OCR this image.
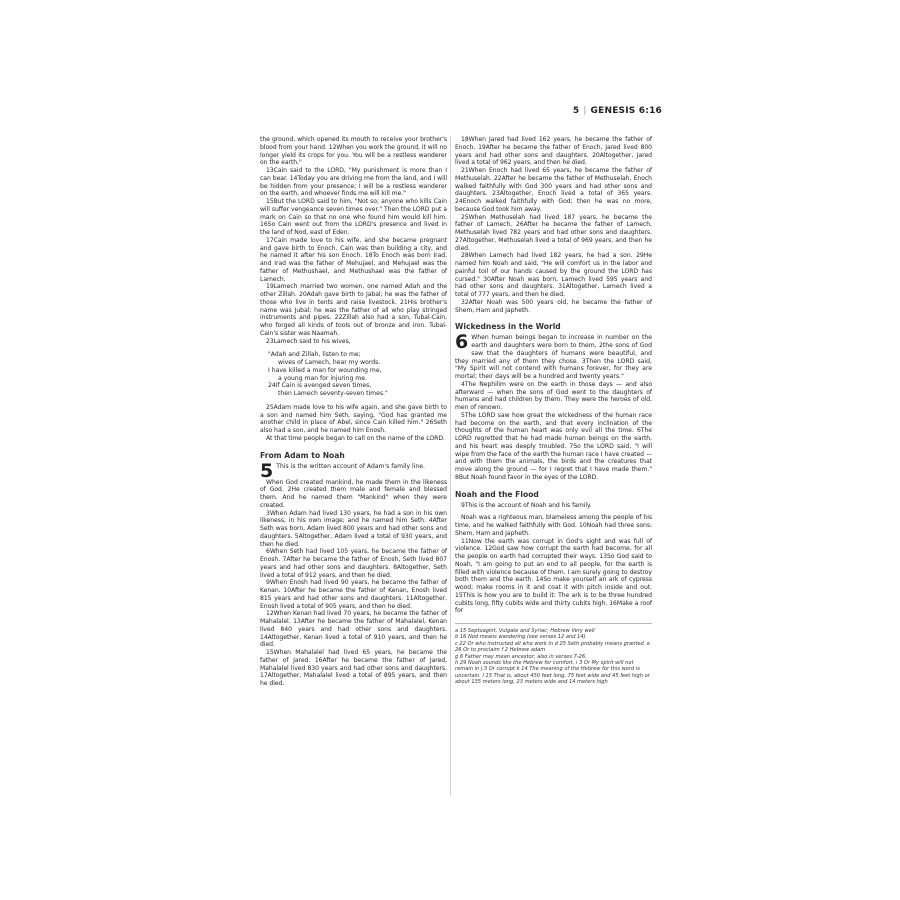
5 | GENESIS 6:16

the ground, which opened its mouth to receive your brother's blood from your hand. 12When you work the ground, it will no longer yield its crops for you. You will be a restless wanderer on the earth."

13Cain said to the LORD, "My punishment is more than I can bear. 14Today you are driving me from the land, and I will be hidden from your presence; I will be a restless wanderer on the earth, and whoever finds me will kill me."

15But the LORD said to him, "Not so; anyone who kills Cain will suffer vengeance seven times over." Then the LORD put a mark on Cain so that no one who found him would kill him. 16So Cain went out from the LORD's presence and lived in the land of Nod, east of Eden.

17Cain made love to his wife, and she became pregnant and gave birth to Enoch. Cain was then building a city, and he named it after his son Enoch. 18To Enoch was born Irad, and Irad was the father of Mehujael, and Mehujael was the father of Methushael, and Methushael was the father of Lamech.

19Lamech married two women, one named Adah and the other Zillah. 20Adah gave birth to Jabal; he was the father of those who live in tents and raise livestock. 21His brother's name was Jubal; he was the father of all who play stringed instruments and pipes. 22Zillah also had a son, Tubal-Cain, who forged all kinds of tools out of bronze and iron. Tubal-Cain's sister was Naamah.

23Lamech said to his wives,

"Adah and Zillah, listen to me;
wives of Lamech, hear my words.
I have killed a man for wounding me,
a young man for injuring me.
24If Cain is avenged seven times,
then Lamech seventy-seven times."

25Adam made love to his wife again, and she gave birth to a son and named him Seth, saying, "God has granted me another child in place of Abel, since Cain killed him." 26Seth also had a son, and he named him Enosh.

At that time people began to call on the name of the LORD.

From Adam to Noah

5 This is the written account of Adam's family line.

When God created mankind, he made them in the likeness of God. 2He created them male and female and blessed them. And he named them "Mankind" when they were created.

3When Adam had lived 130 years, he had a son in his own likeness, in his own image; and he named him Seth. 4After Seth was born, Adam lived 800 years and had other sons and daughters. 5Altogether, Adam lived a total of 930 years, and then he died.

6When Seth had lived 105 years, he became the father of Enosh. 7After he became the father of Enosh, Seth lived 807 years and had other sons and daughters. 8Altogether, Seth lived a total of 912 years, and then he died.

9When Enosh had lived 90 years, he became the father of Kenan. 10After he became the father of Kenan, Enosh lived 815 years and had other sons and daughters. 11Altogether, Enosh lived a total of 905 years, and then he died.

12When Kenan had lived 70 years, he became the father of Mahalalel. 13After he became the father of Mahalalel, Kenan lived 840 years and had other sons and daughters. 14Altogether, Kenan lived a total of 910 years, and then he died.

15When Mahalalel had lived 65 years, he became the father of Jared. 16After he became the father of Jared, Mahalalel lived 830 years and had other sons and daughters. 17Altogether, Mahalalel lived a total of 895 years, and then he died.

18When Jared had lived 162 years, he became the father of Enoch. 19After he became the father of Enoch, Jared lived 800 years and had other sons and daughters. 20Altogether, Jared lived a total of 962 years, and then he died.

21When Enoch had lived 65 years, he became the father of Methuselah. 22After he became the father of Methuselah, Enoch walked faithfully with God 300 years and had other sons and daughters. 23Altogether, Enoch lived a total of 365 years. 24Enoch walked faithfully with God; then he was no more, because God took him away.

25When Methuselah had lived 187 years, he became the father of Lamech. 26After he became the father of Lamech, Methuselah lived 782 years and had other sons and daughters. 27Altogether, Methuselah lived a total of 969 years, and then he died.

28When Lamech had lived 182 years, he had a son. 29He named him Noah and said, "He will comfort us in the labor and painful toil of our hands caused by the ground the LORD has cursed." 30After Noah was born, Lamech lived 595 years and had other sons and daughters. 31Altogether, Lamech lived a total of 777 years, and then he died.

32After Noah was 500 years old, he became the father of Shem, Ham and Japheth.

Wickedness in the World

6 When human beings began to increase in number on the earth and daughters were born to them, 2the sons of God saw that the daughters of humans were beautiful, and they married any of them they chose. 3Then the LORD said, "My Spirit will not contend with humans forever, for they are mortal; their days will be a hundred and twenty years."

4The Nephilim were on the earth in those days — and also afterward — when the sons of God went to the daughters of humans and had children by them. They were the heroes of old, men of renown.

5The LORD saw how great the wickedness of the human race had become on the earth, and that every inclination of the thoughts of the human heart was only evil all the time. 6The LORD regretted that he had made human beings on the earth, and his heart was deeply troubled. 7So the LORD said, "I will wipe from the face of the earth the human race I have created — and with them the animals, the birds and the creatures that move along the ground — for I regret that I have made them." 8But Noah found favor in the eyes of the LORD.

Noah and the Flood

9This is the account of Noah and his family.

Noah was a righteous man, blameless among the people of his time, and he walked faithfully with God. 10Noah had three sons: Shem, Ham and Japheth.

11Now the earth was corrupt in God's sight and was full of violence. 12God saw how corrupt the earth had become, for all the people on earth had corrupted their ways. 13So God said to Noah, "I am going to put an end to all people, for the earth is filled with violence because of them. I am surely going to destroy both them and the earth. 14So make yourself an ark of cypress wood; make rooms in it and coat it with pitch inside and out. 15This is how you are to build it: The ark is to be three hundred cubits long, fifty cubits wide and thirty cubits high. 16Make a roof for

a 15 Septuagint, Vulgate and Syriac; Hebrew Very well

b 16 Nod means wandering (see verses 12 and 14).

c 22 Or who instructed all who work in d 25 Seth probably means granted. e 26 Or to proclaim f 2 Hebrew adam

g 6 Father may mean ancestor; also in verses 7-26.

h 29 Noah sounds like the Hebrew for comfort. i 3 Or My spirit will not remain in j 3 Or corrupt k 14 The meaning of the Hebrew for this word is uncertain. l 15 That is, about 450 feet long, 75 feet wide and 45 feet high or about 135 meters long, 23 meters wide and 14 meters high
